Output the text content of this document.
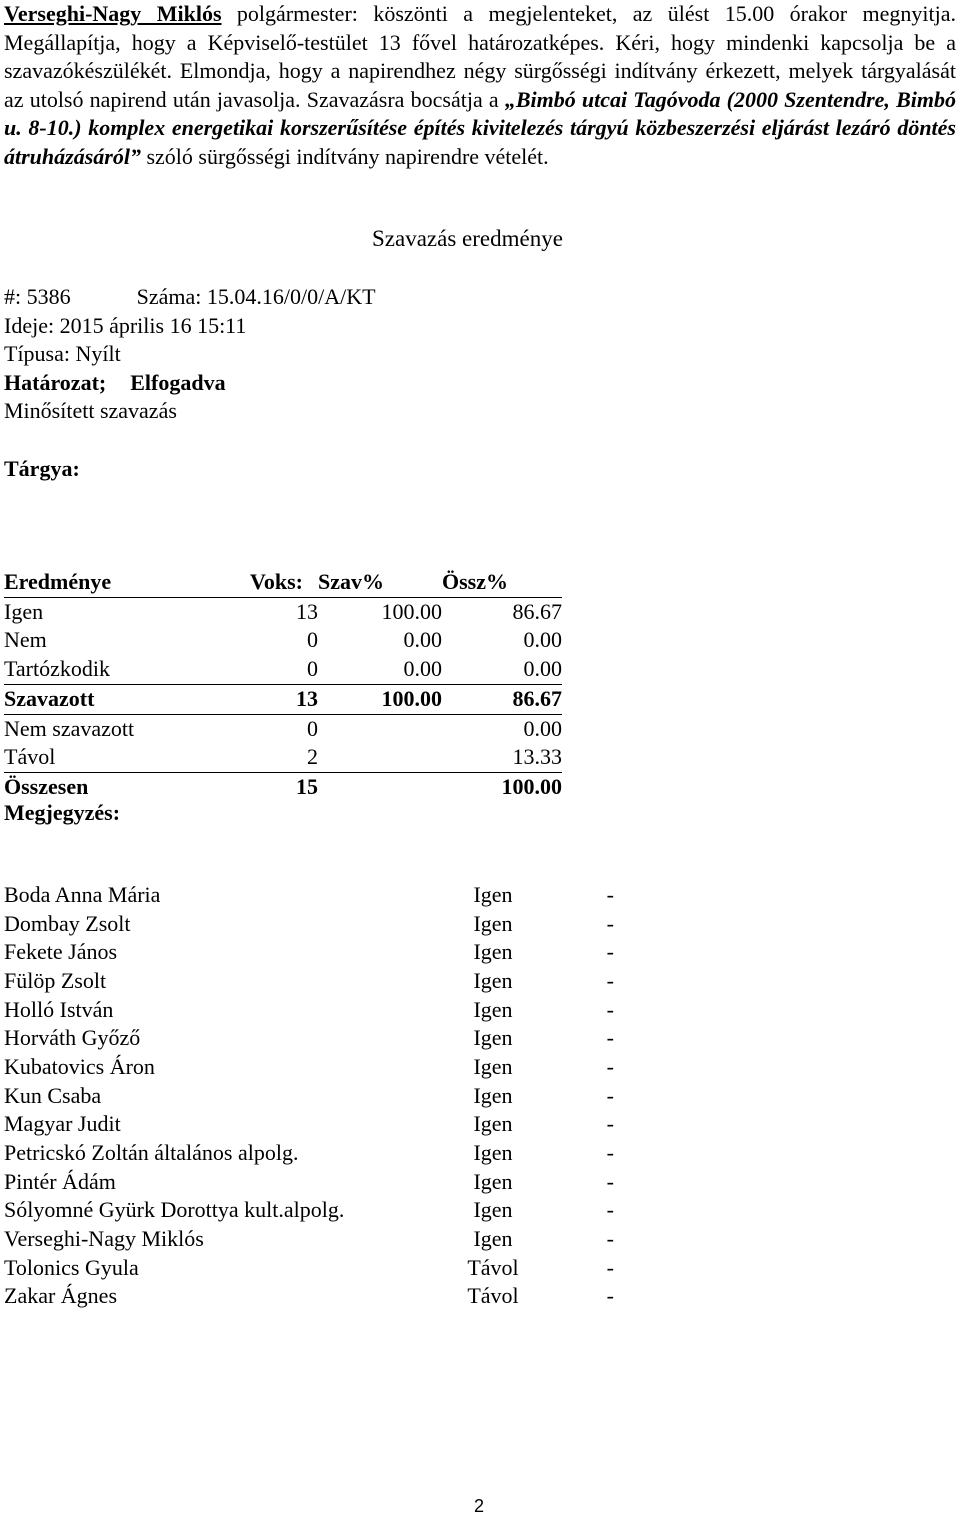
Verseghi-Nagy Miklós polgármester: köszönti a megjelenteket, az ülést 15.00 órakor megnyitja. Megállapítja, hogy a Képviselő-testület 13 fővel határozatképes. Kéri, hogy mindenki kapcsolja be a szavazókészülékét. Elmondja, hogy a napirendhez négy sürgősségi indítvány érkezett, melyek tárgyalását az utolsó napirend után javasolja. Szavazásra bocsátja a „Bimbó utcai Tagóvoda (2000 Szentendre, Bimbó u. 8-10.) komplex energetikai korszerűsítése építés kivitelezés tárgyú közbeszerzési eljárást lezáró döntés átruházásáról” szóló sürgősségi indítvány napirendre vételét.

Szavazás eredménye
#: 5386	Száma: 15.04.16/0/0/A/KT
Ideje: 2015 április 16 15:11
Típusa: Nyílt
Határozat; Elfogadva
Minősített szavazás
Tárgya:
Eredménye	Voks:	Szav%	Össz%
Igen	13	100.00	86.67
Nem	0	0.00	0.00
Tartózkodik	0	0.00	0.00
Szavazott	13	100.00	86.67
Nem szavazott	0		0.00
Távol	2		13.33
Összesen	15		100.00
Megjegyzés:
Boda Anna Mária	Igen	-
Dombay Zsolt	Igen	-
Fekete János	Igen	-
Fülöp Zsolt	Igen	-
Holló István	Igen	-
Horváth Győző	Igen	-
Kubatovics Áron	Igen	-
Kun Csaba	Igen	-
Magyar Judit	Igen	-
Petricskó Zoltán általános alpolg.	Igen	-
Pintér Ádám	Igen	-
Sólyomné Gyürk Dorottya kult.alpolg.	Igen	-
Verseghi-Nagy Miklós	Igen	-
Tolonics Gyula	Távol	-
Zakar Ágnes	Távol	-
2
